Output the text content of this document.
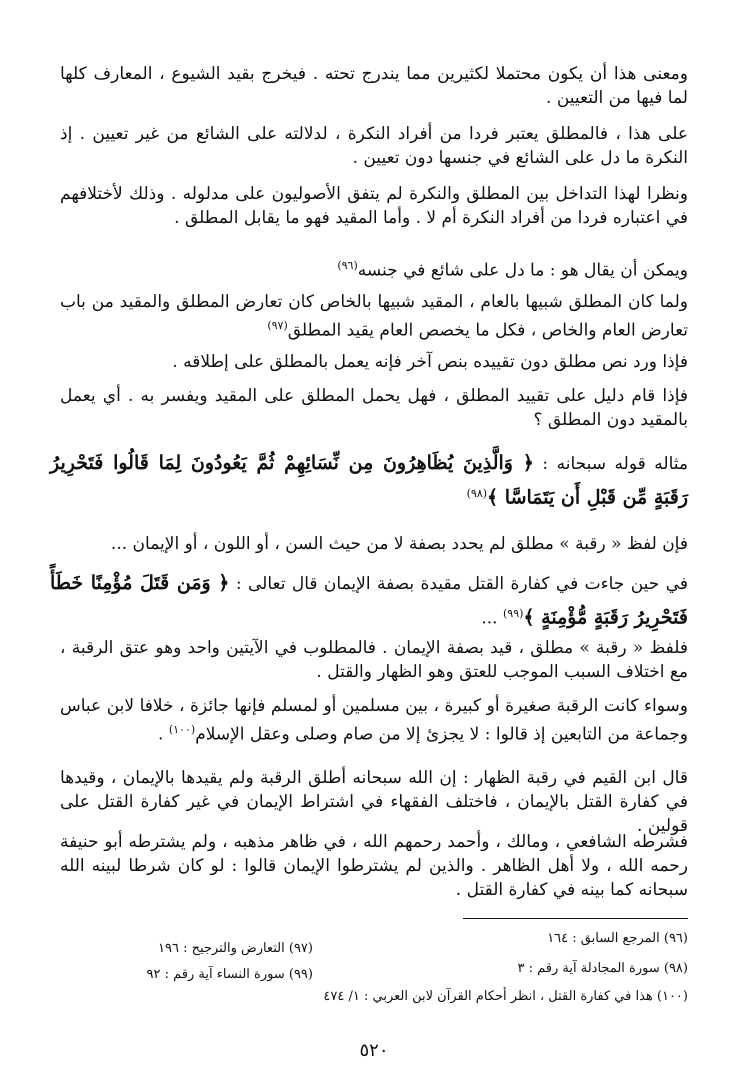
ومعنى هذا أن يكون محتملا لكثيرين مما يندرج تحته . فيخرج بقيد الشيوع ، المعارف كلها لما فيها من التعيين .
على هذا ، فالمطلق يعتبر فردا من أفراد النكرة ، لدلالته على الشائع من غير تعيين . إذ النكرة ما دل على الشائع في جنسها دون تعيين .
ونظرا لهذا التداخل بين المطلق والنكرة لم يتفق الأصوليون على مدلوله . وذلك لأختلافهم في اعتباره فردا من أفراد النكرة أم لا . وأما المقيد فهو ما يقابل المطلق .
ويمكن أن يقال هو : ما دل على شائع في جنسه$^{(٩٦)}$
ولما كان المطلق شبيها بالعام ، المقيد شبيها بالخاص كان تعارض المطلق والمقيد من باب تعارض العام والخاص ، فكل ما يخصص العام يقيد المطلق$^{(٩٧)}$
فإذا ورد نص مطلق دون تقييده بنص آخر فإنه يعمل بالمطلق على إطلاقه .
فإذا قام دليل على تقييد المطلق ، فهل يحمل المطلق على المقيد ويفسر به . أي يعمل بالمقيد دون المطلق ؟
مثاله قوله سبحانه : ﴿ وَالَّذِينَ يُظَاهِرُونَ مِن نِّسَائِهِمْ ثُمَّ يَعُودُونَ لِمَا قَالُوا فَتَحْرِيرُ رَقَبَةٍ مِّن قَبْلِ أَن يَتَمَاسَّا ﴾$^{(٩٨)}$
فإن لفظ « رقبة » مطلق لم يحدد بصفة لا من حيث السن ، أو اللون ، أو الإيمان ...
في حين جاءت في كفارة القتل مقيدة بصفة الإيمان قال تعالى : ﴿ وَمَن قَتَلَ مُؤْمِنًا خَطَأً فَتَحْرِيرُ رَقَبَةٍ مُّؤْمِنَةٍ ﴾$^{(٩٩)}$ ...
فلفظ « رقبة » مطلق ، قيد بصفة الإيمان . فالمطلوب في الآيتين واحد وهو عتق الرقبة ، مع اختلاف السبب الموجب للعتق وهو الظهار والقتل .
وسواء كانت الرقبة صغيرة أو كبيرة ، بين مسلمين أو لمسلم فإنها جائزة ، خلافا لابن عباس وجماعة من التابعين إذ قالوا : لا يجزئ إلا من صام وصلى وعقل الإسلام$^{(١٠٠)}$ .
قال ابن القيم في رقبة الظهار : إن الله سبحانه أطلق الرقبة ولم يقيدها بالإيمان ، وقيدها في كفارة القتل بالإيمان ، فاختلف الفقهاء في اشتراط الإيمان في غير كفارة القتل على قولين .
فشرطه الشافعي ، ومالك ، وأحمد رحمهم الله ، في ظاهر مذهبه ، ولم يشترطه أبو حنيفة رحمه الله ، ولا أهل الظاهر . والذين لم يشترطوا الإيمان قالوا : لو كان شرطا لبينه الله سبحانه كما بينه في كفارة القتل .
(٩٦) المرجع السابق : ١٦٤
(٩٧) التعارض والترجيح : ١٩٦
(٩٨) سورة المجادلة آية رقم : ٣
(٩٩) سورة النساء آية رقم : ٩٢
(١٠٠) هذا في كفارة القتل ، انظر أحكام القرآن لابن العربي : ١/ ٤٧٤
٥٢٠
